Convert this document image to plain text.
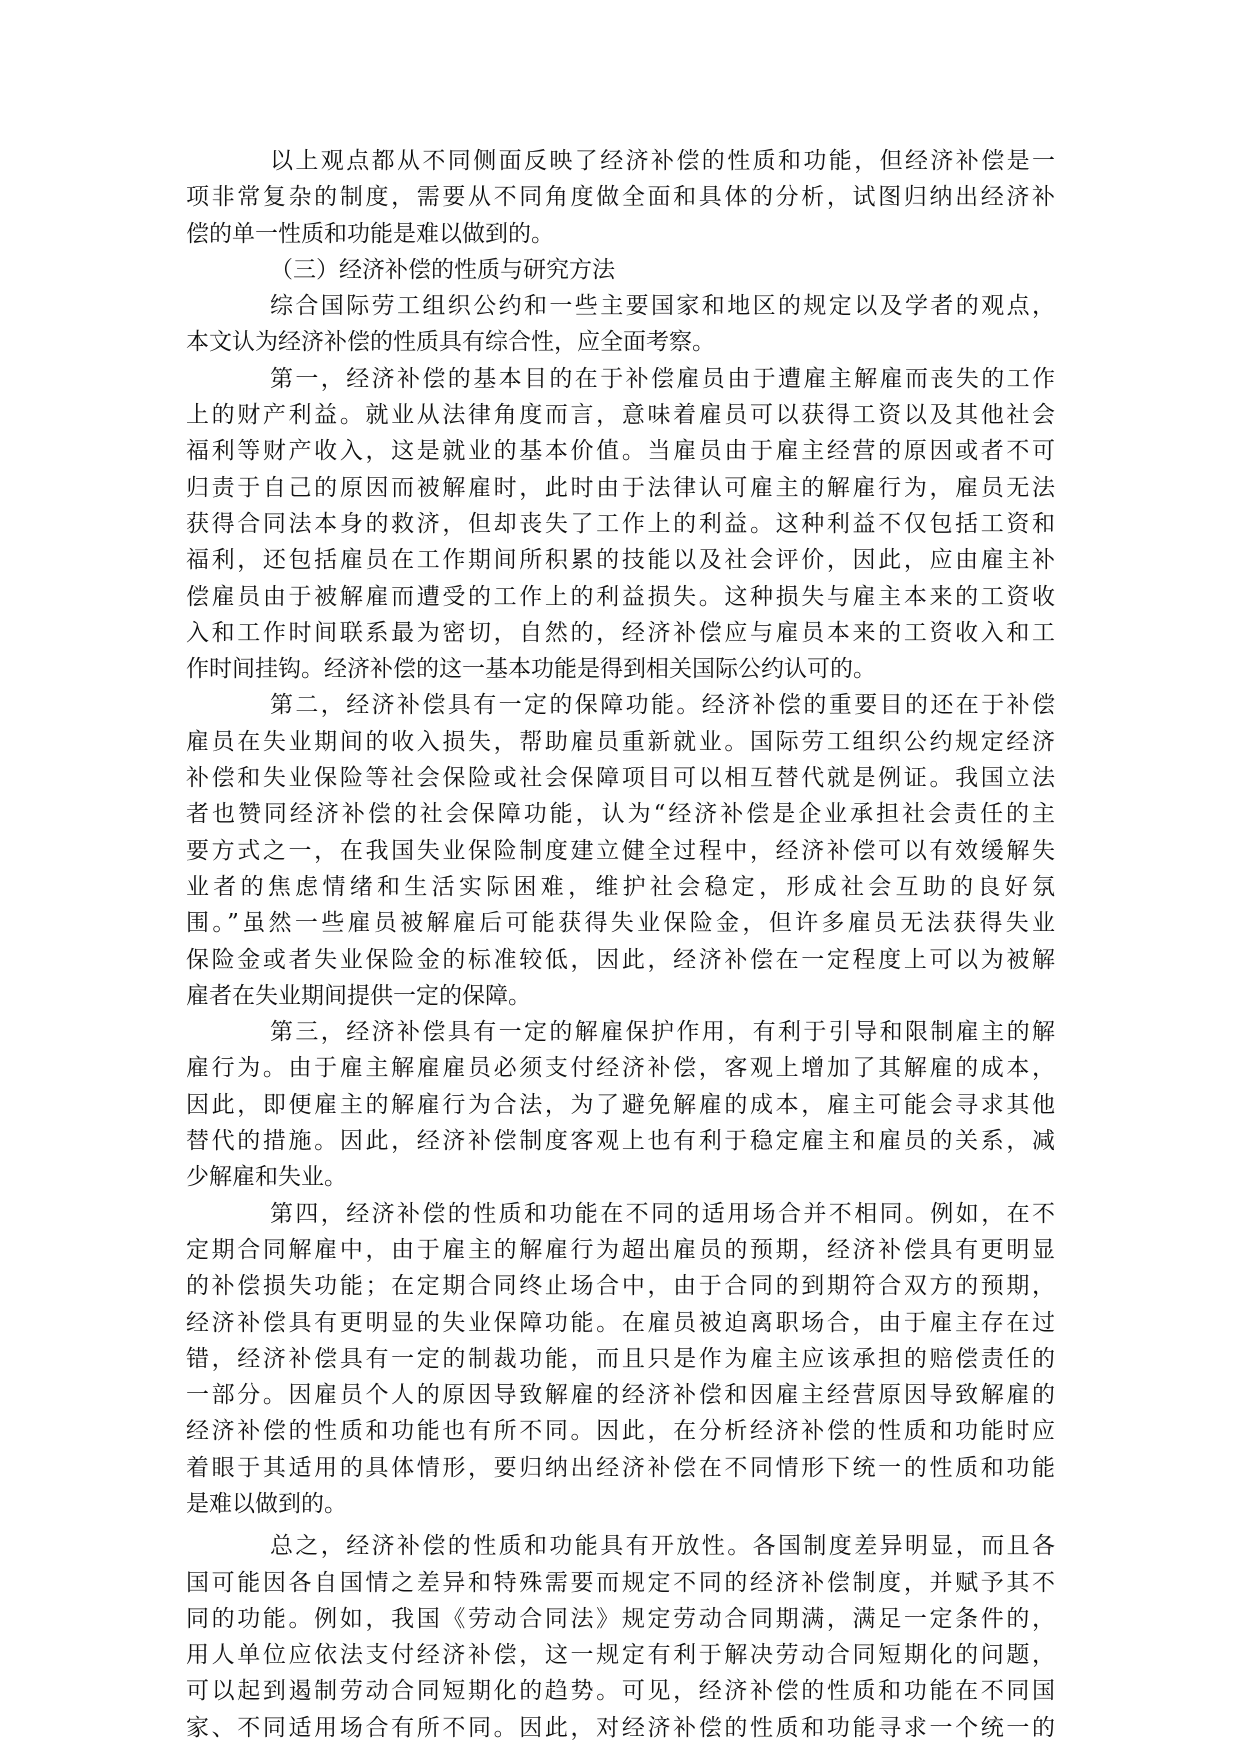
以上观点都从不同侧面反映了经济补偿的性质和功能，但经济补偿是一
项非常复杂的制度，需要从不同角度做全面和具体的分析，试图归纳出经济补
偿的单一性质和功能是难以做到的。
（三）经济补偿的性质与研究方法
综合国际劳工组织公约和一些主要国家和地区的规定以及学者的观点，
本文认为经济补偿的性质具有综合性，应全面考察。
第一，经济补偿的基本目的在于补偿雇员由于遭雇主解雇而丧失的工作
上的财产利益。就业从法律角度而言，意味着雇员可以获得工资以及其他社会
福利等财产收入，这是就业的基本价值。当雇员由于雇主经营的原因或者不可
归责于自己的原因而被解雇时，此时由于法律认可雇主的解雇行为，雇员无法
获得合同法本身的救济，但却丧失了工作上的利益。这种利益不仅包括工资和
福利，还包括雇员在工作期间所积累的技能以及社会评价，因此，应由雇主补
偿雇员由于被解雇而遭受的工作上的利益损失。这种损失与雇主本来的工资收
入和工作时间联系最为密切，自然的，经济补偿应与雇员本来的工资收入和工
作时间挂钩。经济补偿的这一基本功能是得到相关国际公约认可的。
第二，经济补偿具有一定的保障功能。经济补偿的重要目的还在于补偿
雇员在失业期间的收入损失，帮助雇员重新就业。国际劳工组织公约规定经济
补偿和失业保险等社会保险或社会保障项目可以相互替代就是例证。我国立法
者也赞同经济补偿的社会保障功能，认为“经济补偿是企业承担社会责任的主
要方式之一，在我国失业保险制度建立健全过程中，经济补偿可以有效缓解失
业者的焦虑情绪和生活实际困难，维护社会稳定，形成社会互助的良好氛
围。”虽然一些雇员被解雇后可能获得失业保险金，但许多雇员无法获得失业
保险金或者失业保险金的标准较低，因此，经济补偿在一定程度上可以为被解
雇者在失业期间提供一定的保障。
第三，经济补偿具有一定的解雇保护作用，有利于引导和限制雇主的解
雇行为。由于雇主解雇雇员必须支付经济补偿，客观上增加了其解雇的成本，
因此，即便雇主的解雇行为合法，为了避免解雇的成本，雇主可能会寻求其他
替代的措施。因此，经济补偿制度客观上也有利于稳定雇主和雇员的关系，减
少解雇和失业。
第四，经济补偿的性质和功能在不同的适用场合并不相同。例如，在不
定期合同解雇中，由于雇主的解雇行为超出雇员的预期，经济补偿具有更明显
的补偿损失功能；在定期合同终止场合中，由于合同的到期符合双方的预期，
经济补偿具有更明显的失业保障功能。在雇员被迫离职场合，由于雇主存在过
错，经济补偿具有一定的制裁功能，而且只是作为雇主应该承担的赔偿责任的
一部分。因雇员个人的原因导致解雇的经济补偿和因雇主经营原因导致解雇的
经济补偿的性质和功能也有所不同。因此，在分析经济补偿的性质和功能时应
着眼于其适用的具体情形，要归纳出经济补偿在不同情形下统一的性质和功能
是难以做到的。
总之，经济补偿的性质和功能具有开放性。各国制度差异明显，而且各
国可能因各自国情之差异和特殊需要而规定不同的经济补偿制度，并赋予其不
同的功能。例如，我国《劳动合同法》规定劳动合同期满，满足一定条件的，
用人单位应依法支付经济补偿，这一规定有利于解决劳动合同短期化的问题，
可以起到遏制劳动合同短期化的趋势。可见，经济补偿的性质和功能在不同国
家、不同适用场合有所不同。因此，对经济补偿的性质和功能寻求一个统一的
